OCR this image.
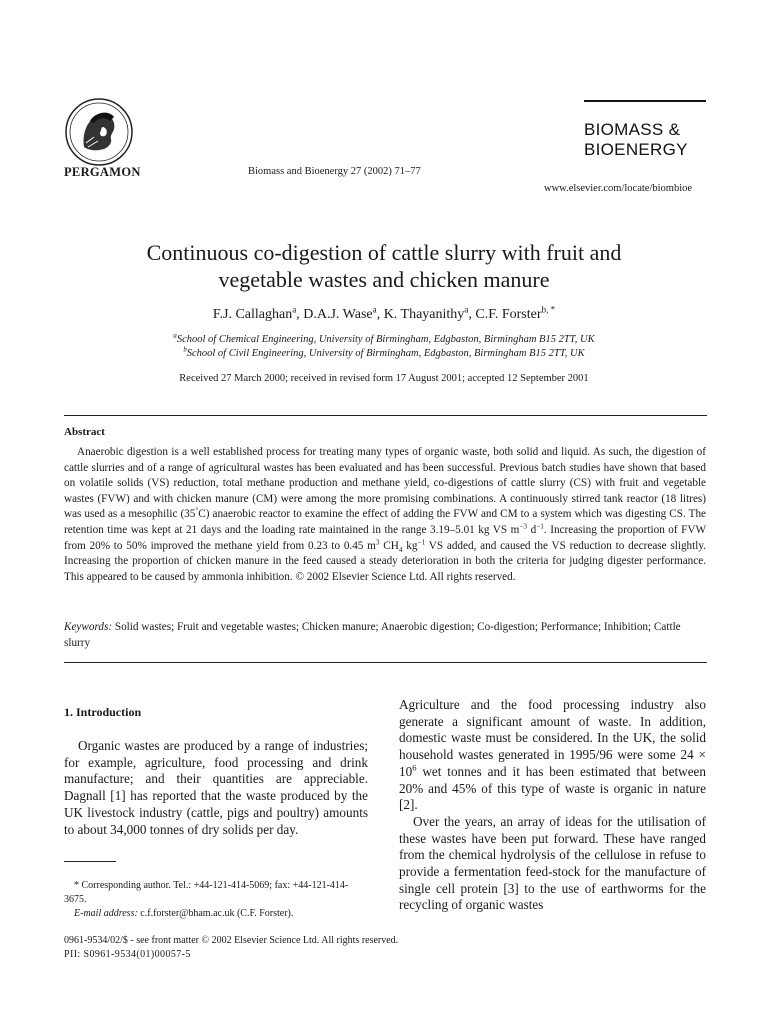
PERGAMON	Biomass and Bioenergy 27 (2002) 71–77
BIOMASS &
BIOENERGY
www.elsevier.com/locate/biombioe
Continuous co-digestion of cattle slurry with fruit and
vegetable wastes and chicken manure
F.J. Callaghan$^a$, D.A.J. Wase$^a$, K. Thayanithy$^a$, C.F. Forster$^{b, *}$
$^a$School of Chemical Engineering, University of Birmingham, Edgbaston, Birmingham B15 2TT, UK
$^b$School of Civil Engineering, University of Birmingham, Edgbaston, Birmingham B15 2TT, UK
Received 27 March 2000; received in revised form 17 August 2001; accepted 12 September 2001
Abstract
Anaerobic digestion is a well established process for treating many types of organic waste, both solid and liquid. As such, the digestion of cattle slurries and of a range of agricultural wastes has been evaluated and has been successful. Previous batch studies have shown that based on volatile solids (VS) reduction, total methane production and methane yield, co-digestions of cattle slurry (CS) with fruit and vegetable wastes (FVW) and with chicken manure (CM) were among the more promising combinations. A continuously stirred tank reactor (18 litres) was used as a mesophilic (35°C) anaerobic reactor to examine the effect of adding the FVW and CM to a system which was digesting CS. The retention time was kept at 21 days and the loading rate maintained in the range 3.19–5.01 kg VS $m^{-3}$ $d^{-1}$. Increasing the proportion of FVW from 20% to 50% improved the methane yield from 0.23 to 0.45 $m^3$ $CH_4$ $kg^{-1}$ VS added, and caused the VS reduction to decrease slightly. Increasing the proportion of chicken manure in the feed caused a steady deterioration in both the criteria for judging digester performance. This appeared to be caused by ammonia inhibition. © 2002 Elsevier Science Ltd. All rights reserved.
Keywords: Solid wastes; Fruit and vegetable wastes; Chicken manure; Anaerobic digestion; Co-digestion; Performance; Inhibition; Cattle slurry
1. Introduction
Organic wastes are produced by a range of industries; for example, agriculture, food processing and drink manufacture; and their quantities are appreciable. Dagnall [1] has reported that the waste produced by the UK livestock industry (cattle, pigs and poultry) amounts to about 34,000 tonnes of dry solids per day.

Agriculture and the food processing industry also generate a significant amount of waste. In addition, domestic waste must be considered. In the UK, the solid household wastes generated in 1995/96 were some $24 \times 10^6$ wet tonnes and it has been estimated that between 20% and 45% of this type of waste is organic in nature [2].

Over the years, an array of ideas for the utilisation of these wastes have been put forward. These have ranged from the chemical hydrolysis of the cellulose in refuse to provide a fermentation feed-stock for the manufacture of single cell protein [3] to the use of earthworms for the recycling of organic wastes

* Corresponding author. Tel.: +44-121-414-5069; fax: +44-121-414-3675.
E-mail address: c.f.forster@bham.ac.uk (C.F. Forster).
0961-9534/02/$ - see front matter © 2002 Elsevier Science Ltd. All rights reserved.
PII: S0961-9534(01)00057-5
